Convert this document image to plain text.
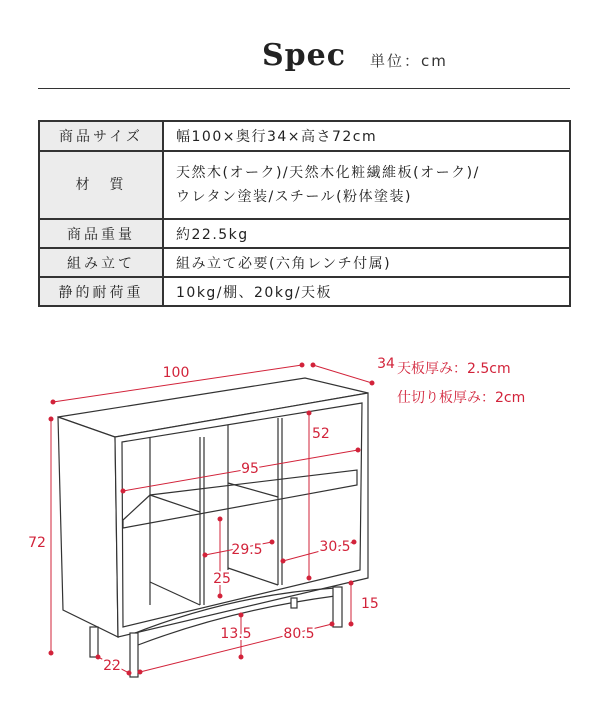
Spec 単位：cm
商品サイズ	幅100×奥行34×高さ72cm
材　質	天然木(オーク)/天然木化粧繊維板(オーク)/
ウレタン塗装/スチール(粉体塗装)

商品重量	約22.5kg
組み立て	組み立て必要(六角レンチ付属)
静的耐荷重	10kg/棚、20kg/天板
天板厚み：2.5cm
仕切り板厚み：2cm
100
34
72
52
95
25
29.5	30.5
15
13.5 80.5
22
